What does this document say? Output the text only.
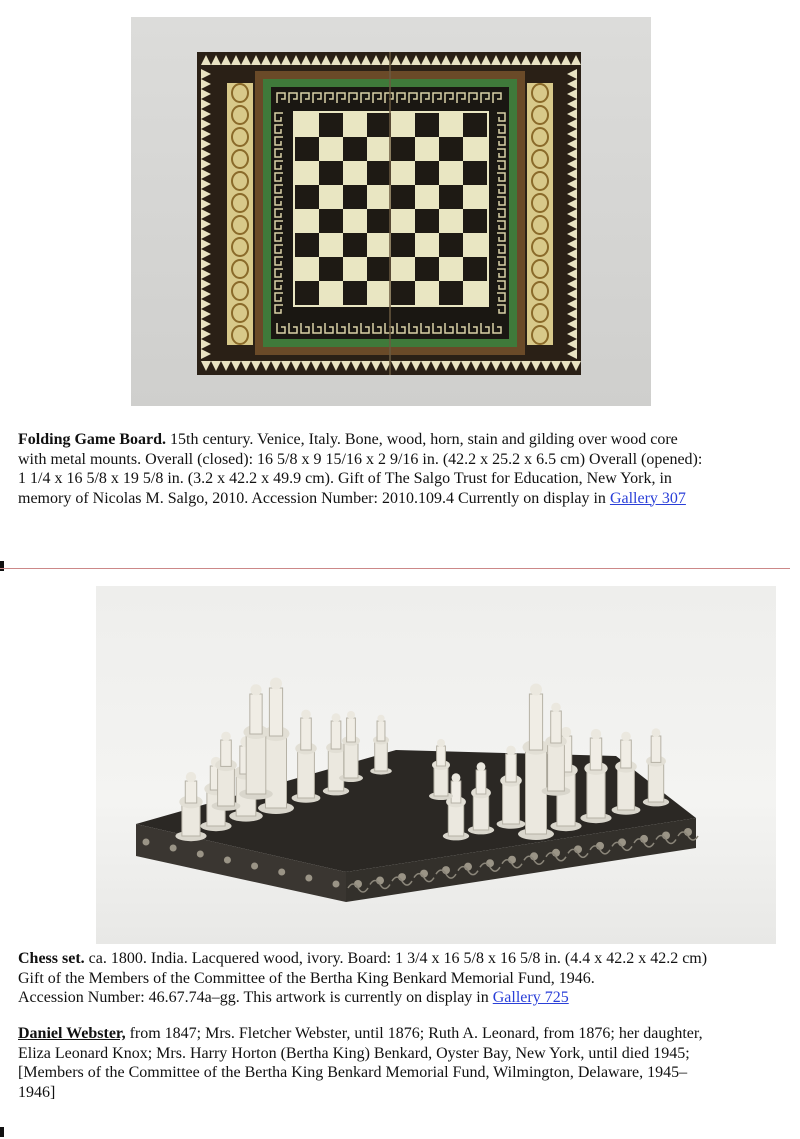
Folding Game Board. 15th century. Venice, Italy. Bone, wood, horn, stain and gilding over wood core
with metal mounts. Overall (closed): 16 5/8 x 9 15/16 x 2 9/16 in. (42.2 x 25.2 x 6.5 cm) Overall (opened):
1 1/4 x 16 5/8 x 19 5/8 in. (3.2 x 42.2 x 49.9 cm). Gift of The Salgo Trust for Education, New York, in
memory of Nicolas M. Salgo, 2010. Accession Number: 2010.109.4 Currently on display in Gallery 307
Chess set. ca. 1800. India. Lacquered wood, ivory. Board: 1 3/4 x 16 5/8 x 16 5/8 in. (4.4 x 42.2 x 42.2 cm)
Gift of the Members of the Committee of the Bertha King Benkard Memorial Fund, 1946.
Accession Number: 46.67.74a–gg. This artwork is currently on display in Gallery 725
Daniel Webster, from 1847; Mrs. Fletcher Webster, until 1876; Ruth A. Leonard, from 1876; her daughter,
Eliza Leonard Knox; Mrs. Harry Horton (Bertha King) Benkard, Oyster Bay, New York, until died 1945;
[Members of the Committee of the Bertha King Benkard Memorial Fund, Wilmington, Delaware, 1945–
1946]
